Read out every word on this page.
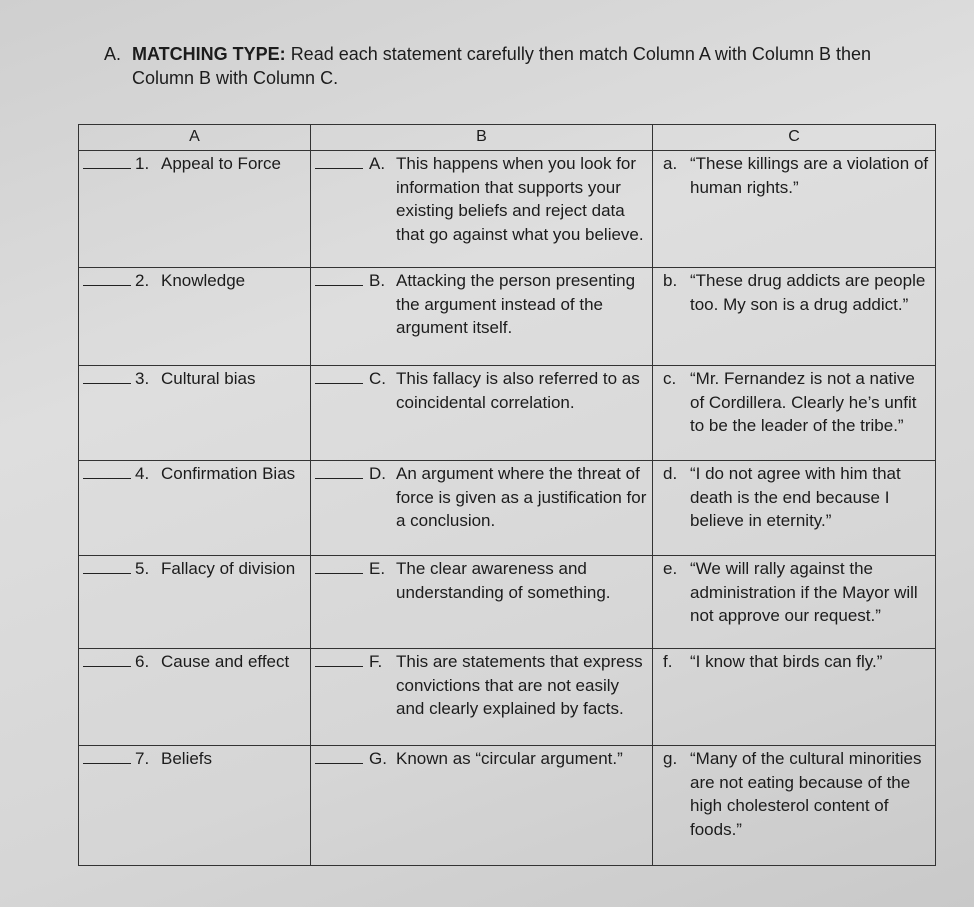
A. MATCHING TYPE: Read each statement carefully then match Column A with Column B then
Column B with Column C.
A	B	C

1. Appeal to Force	A. This happens when you look for information that supports your existing beliefs and reject data that go against what you believe.	a. “These killings are a violation of human rights.”

2. Knowledge	B. Attacking the person presenting the argument instead of the argument itself.	b. “These drug addicts are people too. My son is a drug addict.”

3. Cultural bias	C. This fallacy is also referred to as coincidental correlation.	c. “Mr. Fernandez is not a native of Cordillera. Clearly he’s unfit to be the leader of the tribe.”

4. Confirmation Bias	D. An argument where the threat of force is given as a justification for a conclusion.	d. “I do not agree with him that death is the end because I believe in eternity.”

5. Fallacy of division	E. The clear awareness and understanding of something.	e. “We will rally against the administration if the Mayor will not approve our request.”

6. Cause and effect	F. This are statements that express convictions that are not easily and clearly explained by facts.	f. “I know that birds can fly.”

7. Beliefs	G. Known as “circular argument.”	g. “Many of the cultural minorities are not eating because of the high cholesterol content of foods.”
